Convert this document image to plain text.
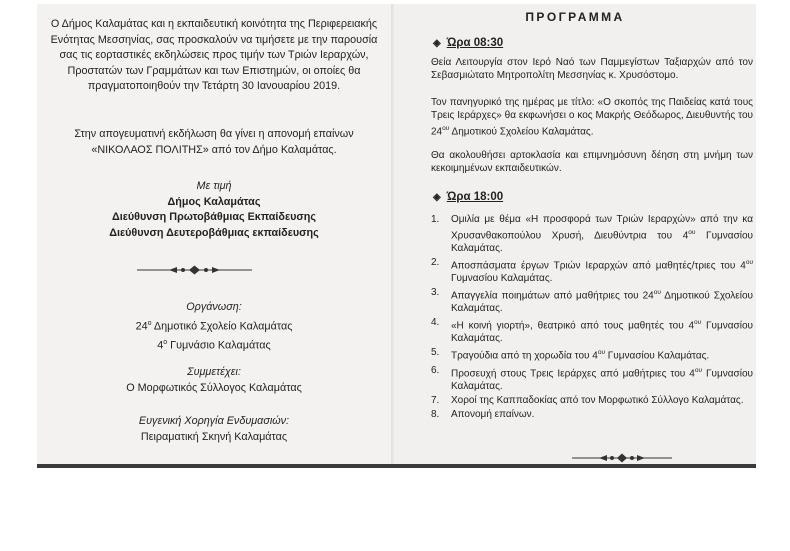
Ο Δήμος Καλαμάτας και η εκπαιδευτική κοινότητα της Περιφερειακής Ενότητας Μεσσηνίας, σας προσκαλούν να τιμήσετε με την παρουσία σας τις εορταστικές εκδηλώσεις προς τιμήν των Τριών Ιεραρχών, Προστατών των Γραμμάτων και των Επιστημών, οι οποίες θα πραγματοποιηθούν την Τετάρτη 30 Ιανουαρίου 2019.
Στην απογευματινή εκδήλωση θα γίνει η απονομή επαίνων «ΝΙΚΟΛΑΟΣ ΠΟΛΙΤΗΣ» από τον Δήμο Καλαμάτας.
Με τιμή
Δήμος Καλαμάτας
Διεύθυνση Πρωτοβάθμιας Εκπαίδευσης
Διεύθυνση Δευτεροβάθμιας εκπαίδευσης
Οργάνωση:
$24^o$ Δημοτικό Σχολείο Καλαμάτας
$4^o$ Γυμνάσιο Καλαμάτας
Συμμετέχει:
Ο Μορφωτικός Σύλλογος Καλαμάτας
Ευγενική Χορηγία Ενδυμασιών:
Πειραματική Σκηνή Καλαμάτας
ΠΡΟΓΡΑΜΜΑ
◈ Ώρα 08:30
Θεία Λειτουργία στον Ιερό Ναό των Παμμεγίστων Ταξιαρχών από τον Σεβασμιώτατο Μητροπολίτη Μεσσηνίας κ. Χρυσόστομο.
Τον πανηγυρικό της ημέρας με τίτλο: «Ο σκοπός της Παιδείας κατά τους Τρεις Ιεράρχες» θα εκφωνήσει ο κος Μακρής Θεόδωρος, Διευθυντής του $24^{o\upsilon}$ Δημοτικού Σχολείου Καλαμάτας.
Θα ακολουθήσει αρτοκλασία και επιμνημόσυνη δέηση στη μνήμη των κεκοιμημένων εκπαιδευτικών.
◈ Ώρα 18:00
1. Ομιλία με θέμα «Η προσφορά των Τριών Ιεραρχών» από την κα Χρυσανθακοπούλου Χρυσή, Διευθύντρια του $4^{o\upsilon}$ Γυμνασίου Καλαμάτας.
2. Αποσπάσματα έργων Τριών Ιεραρχών από μαθητές/τριες του $4^{o\upsilon}$ Γυμνασίου Καλαμάτας.
3. Απαγγελία ποιημάτων από μαθήτριες του $24^{o\upsilon}$ Δημοτικού Σχολείου Καλαμάτας.
4. «Η κοινή γιορτή», θεατρικό από τους μαθητές του $4^{o\upsilon}$ Γυμνασίου Καλαμάτας.
5. Τραγούδια από τη χορωδία του $4^{o\upsilon}$ Γυμνασίου Καλαμάτας.
6. Προσευχή στους Τρεις Ιεράρχες από μαθήτριες του $4^{o\upsilon}$ Γυμνασίου Καλαμάτας.
7. Χοροί της Καππαδοκίας από τον Μορφωτικό Σύλλογο Καλαμάτας.
8. Απονομή επαίνων.
